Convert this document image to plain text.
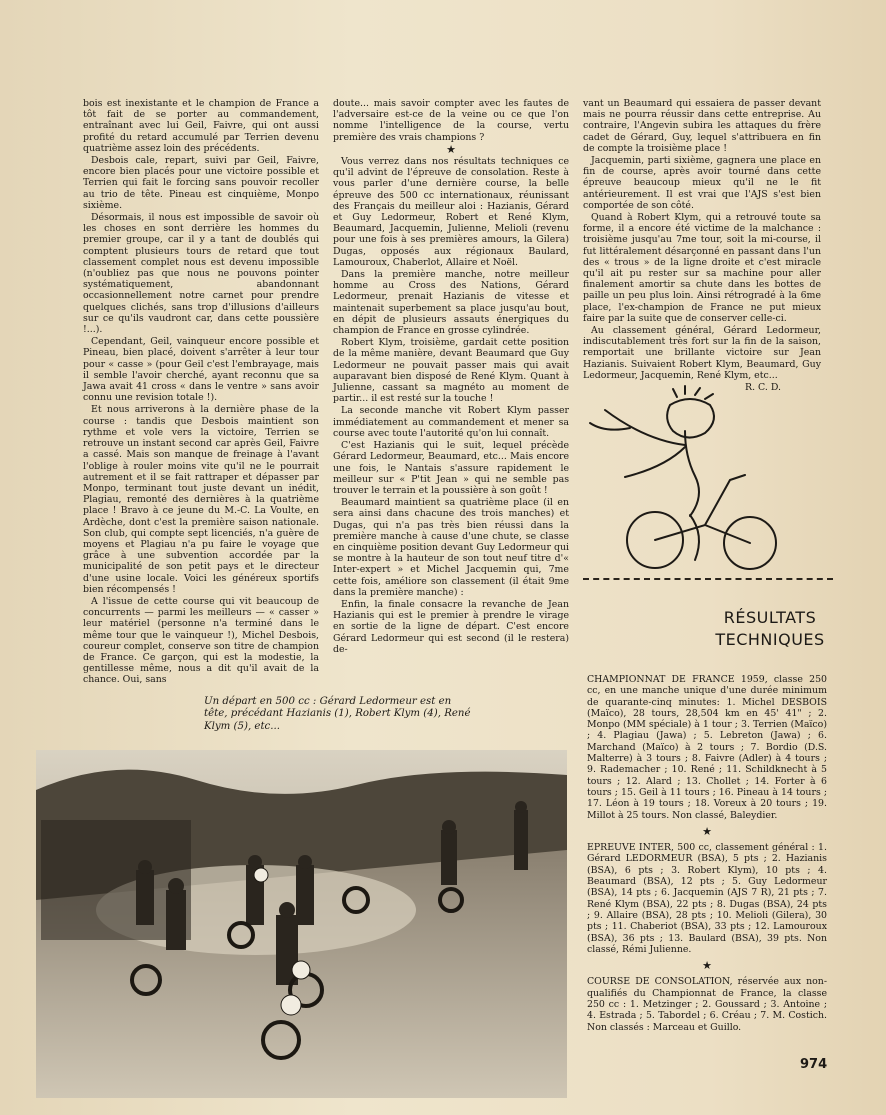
bois est inexistante et le champion de France a tôt fait de se porter au commandement, entraînant avec lui Geil, Faivre, qui ont aussi profité du retard accumulé par Terrien devenu quatrième assez loin des précédents.

Desbois cale, repart, suivi par Geil, Faivre, encore bien placés pour une victoire possible et Terrien qui fait le forcing sans pouvoir recoller au trio de tête. Pineau est cinquième, Monpo sixième.

Désormais, il nous est impossible de savoir où les choses en sont derrière les hommes du premier groupe, car il y a tant de doublés qui comptent plusieurs tours de retard que tout classement complet nous est devenu impossible (n'oubliez pas que nous ne pouvons pointer systématiquement, abandonnant occasionnellement notre carnet pour prendre quelques clichés, sans trop d'illusions d'ailleurs sur ce qu'ils vaudront car, dans cette poussière !...).

Cependant, Geil, vainqueur encore possible et Pineau, bien placé, doivent s'arrêter à leur tour pour « casse » (pour Geil c'est l'embrayage, mais il semble l'avoir cherché, ayant reconnu que sa Jawa avait 41 cross « dans le ventre » sans avoir connu une revision totale !).

Et nous arriverons à la dernière phase de la course : tandis que Desbois maintient son rythme et vole vers la victoire, Terrien se retrouve un instant second car après Geil, Faivre a cassé. Mais son manque de freinage à l'avant l'oblige à rouler moins vite qu'il ne le pourrait autrement et il se fait rattraper et dépasser par Monpo, terminant tout juste devant un inédit, Plagiau, remonté des dernières à la quatrième place ! Bravo à ce jeune du M.-C. La Voulte, en Ardèche, dont c'est la première saison nationale. Son club, qui compte sept licenciés, n'a guère de moyens et Plagiau n'a pu faire le voyage que grâce à une subvention accordée par la municipalité de son petit pays et le directeur d'une usine locale. Voici les généreux sportifs bien récompensés !

A l'issue de cette course qui vit beaucoup de concurrents — parmi les meilleurs — « casser » leur matériel (personne n'a terminé dans le même tour que le vainqueur !), Michel Desbois, coureur complet, conserve son titre de champion de France. Ce garçon, qui est la modestie, la gentillesse même, nous a dit qu'il avait de la chance. Oui, sans

doute... mais savoir compter avec les fautes de l'adversaire est-ce de la veine ou ce que l'on nomme l'intelligence de la course, vertu première des vrais champions ?

★

Vous verrez dans nos résultats techniques ce qu'il advint de l'épreuve de consolation. Reste à vous parler d'une dernière course, la belle épreuve des 500 cc internationaux, réunissant des Français du meilleur aloi : Hazianis, Gérard et Guy Ledormeur, Robert et René Klym, Beaumard, Jacquemin, Julienne, Melioli (revenu pour une fois à ses premières amours, la Gilera) Dugas, opposés aux régionaux Baulard, Lamouroux, Chaberlot, Allaire et Noël.

Dans la première manche, notre meilleur homme au Cross des Nations, Gérard Ledormeur, prenait Hazianis de vitesse et maintenait superbement sa place jusqu'au bout, en dépit de plusieurs assauts énergiques du champion de France en grosse cylindrée.

Robert Klym, troisième, gardait cette position de la même manière, devant Beaumard que Guy Ledormeur ne pouvait passer mais qui avait auparavant bien disposé de René Klym. Quant à Julienne, cassant sa magnéto au moment de partir... il est resté sur la touche !

La seconde manche vit Robert Klym passer immédiatement au commandement et mener sa course avec toute l'autorité qu'on lui connaît.

C'est Hazianis qui le suit, lequel précède Gérard Ledormeur, Beaumard, etc... Mais encore une fois, le Nantais s'assure rapidement le meilleur sur « P'tit Jean » qui ne semble pas trouver le terrain et la poussière à son goût !

Beaumard maintient sa quatrième place (il en sera ainsi dans chacune des trois manches) et Dugas, qui n'a pas très bien réussi dans la première manche à cause d'une chute, se classe en cinquième position devant Guy Ledormeur qui se montre à la hauteur de son tout neuf titre d'« Inter-expert » et Michel Jacquemin qui, 7me cette fois, améliore son classement (il était 9me dans la première manche) :

Enfin, la finale consacre la revanche de Jean Hazianis qui est le premier à prendre le virage en sortie de la ligne de départ. C'est encore Gérard Ledormeur qui est second (il le restera) de-

vant un Beaumard qui essaiera de passer devant mais ne pourra réussir dans cette entreprise. Au contraire, l'Angevin subira les attaques du frère cadet de Gérard, Guy, lequel s'attribuera en fin de compte la troisième place !

Jacquemin, parti sixième, gagnera une place en fin de course, après avoir tourné dans cette épreuve beaucoup mieux qu'il ne le fit antérieurement. Il est vrai que l'AJS s'est bien comportée de son côté.

Quand à Robert Klym, qui a retrouvé toute sa forme, il a encore été victime de la malchance : troisième jusqu'au 7me tour, soit la mi-course, il fut littéralement désarçonné en passant dans l'un des « trous » de la ligne droite et c'est miracle qu'il ait pu rester sur sa machine pour aller finalement amortir sa chute dans les bottes de paille un peu plus loin. Ainsi rétrogradé à la 6me place, l'ex-champion de France ne put mieux faire par la suite que de conserver celle-ci.

Au classement général, Gérard Ledormeur, indiscutablement très fort sur la fin de la saison, remportait une brillante victoire sur Jean Hazianis. Suivaient Robert Klym, Beaumard, Guy Ledormeur, Jacquemin, René Klym, etc...

R. C. D.

RÉSULTATS
TECHNIQUES

CHAMPIONNAT DE FRANCE 1959, classe 250 cc, en une manche unique d'une durée minimum de quarante-cinq minutes: 1. Michel DESBOIS (Maïco), 28 tours, 28,504 km en 45' 41" ; 2. Monpo (MM spéciale) à 1 tour ; 3. Terrien (Maïco) ; 4. Plagiau (Jawa) ; 5. Lebreton (Jawa) ; 6. Marchand (Maïco) à 2 tours ; 7. Bordio (D.S. Malterre) à 3 tours ; 8. Faivre (Adler) à 4 tours ; 9. Rademacher ; 10. René ; 11. Schildknecht à 5 tours ; 12. Alard ; 13. Chollet ; 14. Forter à 6 tours ; 15. Geil à 11 tours ; 16. Pineau à 14 tours ; 17. Léon à 19 tours ; 18. Voreux à 20 tours ; 19. Millot à 25 tours. Non classé, Baleydier.

★

EPREUVE INTER, 500 cc, classement général : 1. Gérard LEDORMEUR (BSA), 5 pts ; 2. Hazianis (BSA), 6 pts ; 3. Robert Klym), 10 pts ; 4. Beaumard (BSA), 12 pts ; 5. Guy Ledormeur (BSA), 14 pts ; 6. Jacquemin (AJS 7 R), 21 pts ; 7. René Klym (BSA), 22 pts ; 8. Dugas (BSA), 24 pts ; 9. Allaire (BSA), 28 pts ; 10. Melioli (Gilera), 30 pts ; 11. Chaberiot (BSA), 33 pts ; 12. Lamouroux (BSA), 36 pts ; 13. Baulard (BSA), 39 pts. Non classé, Rémi Julienne.

★

COURSE DE CONSOLATION, réservée aux non-qualifiés du Championnat de France, la classe 250 cc : 1. Metzinger ; 2. Goussard ; 3. Antoine ; 4. Estrada ; 5. Tabordel ; 6. Créau ; 7. M. Costich. Non classés : Marceau et Guillo.

Un départ en 500 cc : Gérard Ledormeur est en tête, précédant Hazianis (1), Robert Klym (4), René Klym (5), etc...
974
